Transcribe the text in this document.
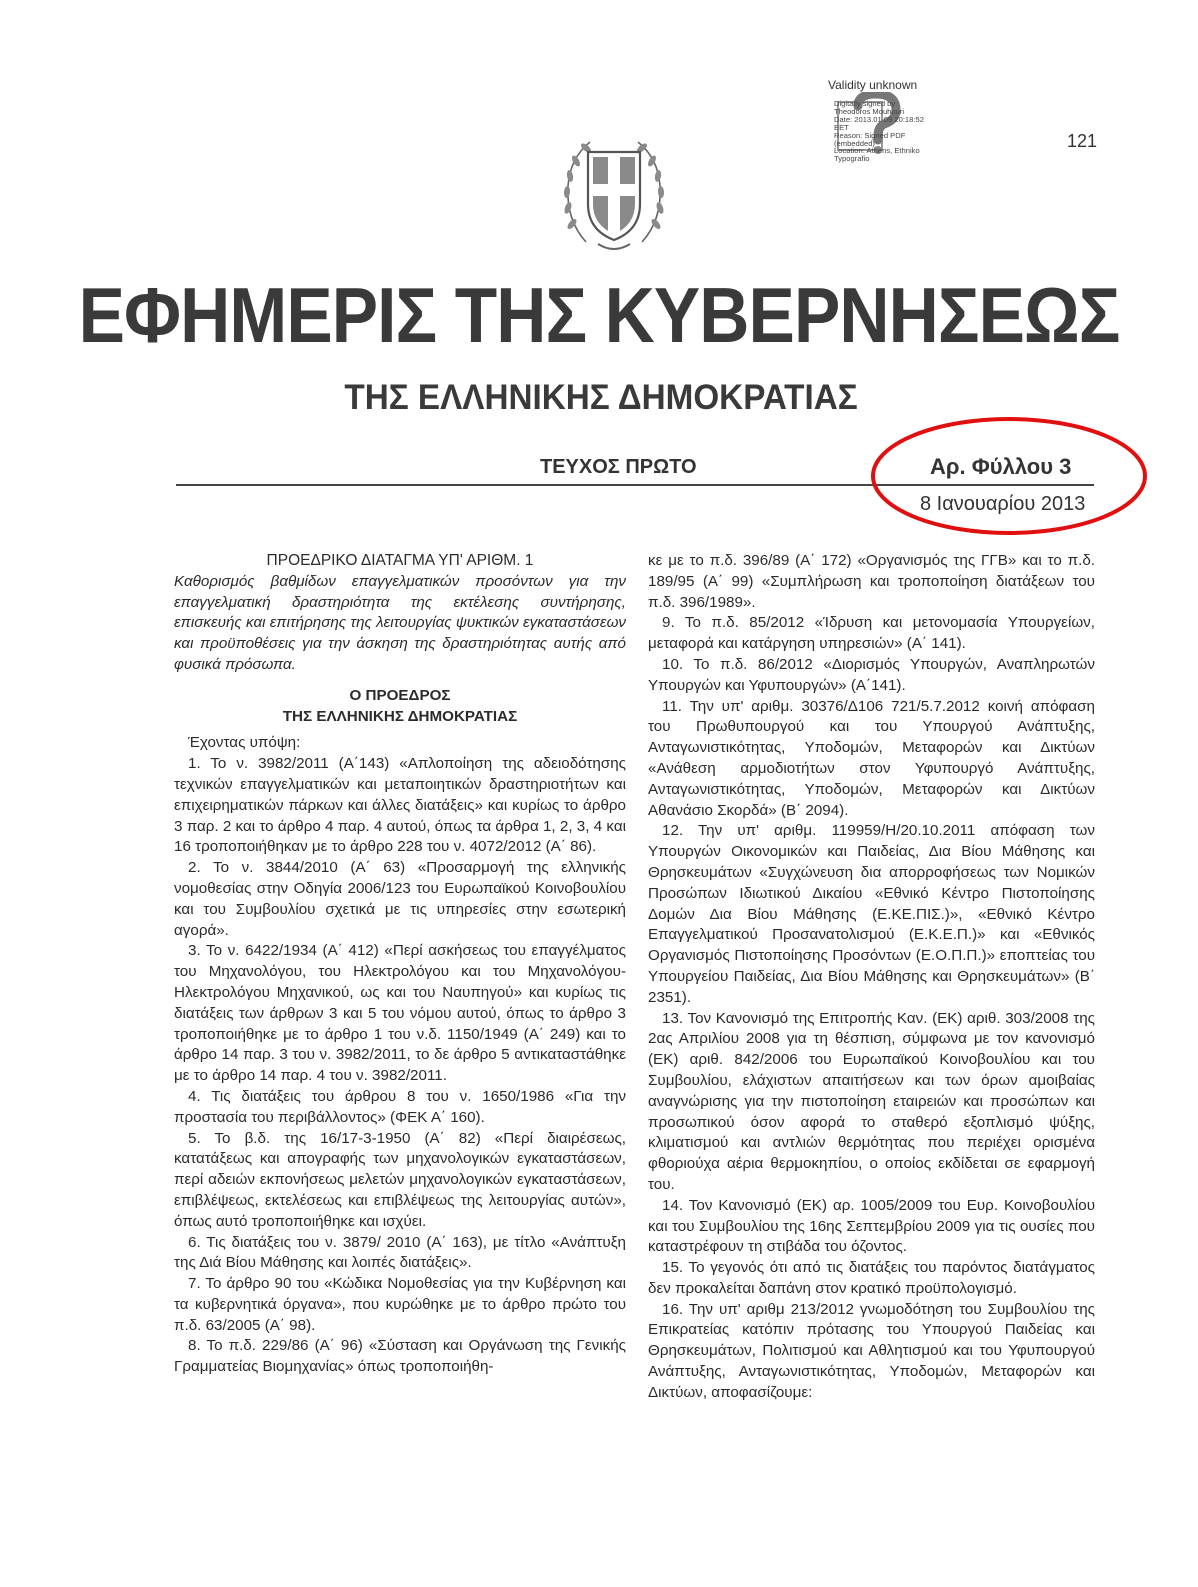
Validity unknown
Digitally signed by
Theodoros Mouhouri
Date: 2013.01.09 20:18:52
EET
Reason: Signed PDF
(embedded)
Location: Athens, Ethniko
Typografio
121
ΕΦΗΜΕΡΙΣ ΤΗΣ ΚΥΒΕΡΝΗΣΕΩΣ
ΤΗΣ ΕΛΛΗΝΙΚΗΣ ΔΗΜΟΚΡΑΤΙΑΣ
ΤΕΥΧΟΣ ΠΡΩΤΟ	Αρ. Φύλλου 3
8 Ιανουαρίου 2013

ΠΡΟΕΔΡΙΚΟ ΔΙΑΤΑΓΜΑ ΥΠ' ΑΡΙΘΜ. 1

Καθορισμός βαθμίδων επαγγελματικών προσόντων για την επαγγελματική δραστηριότητα της εκτέλεσης συντήρησης, επισκευής και επιτήρησης της λειτουργίας ψυκτικών εγκαταστάσεων και προϋποθέσεις για την άσκηση της δραστηριότητας αυτής από φυσικά πρόσωπα.

Ο ΠΡΟΕΔΡΟΣ

ΤΗΣ ΕΛΛΗΝΙΚΗΣ ΔΗΜΟΚΡΑΤΙΑΣ

Έχοντας υπόψη:

1. Το ν. 3982/2011 (Α΄143) «Απλοποίηση της αδειοδότησης τεχνικών επαγγελματικών και μεταποιητικών δραστηριοτήτων και επιχειρηματικών πάρκων και άλλες διατάξεις» και κυρίως το άρθρο 3 παρ. 2 και το άρθρο 4 παρ. 4 αυτού, όπως τα άρθρα 1, 2, 3, 4 και 16 τροποποιήθηκαν με το άρθρο 228 του ν. 4072/2012 (Α΄ 86).

2. Το ν. 3844/2010 (Α΄ 63) «Προσαρμογή της ελληνικής νομοθεσίας στην Οδηγία 2006/123 του Ευρωπαϊκού Κοινοβουλίου και του Συμβουλίου σχετικά με τις υπηρεσίες στην εσωτερική αγορά».

3. Το ν. 6422/1934 (Α΄ 412) «Περί ασκήσεως του επαγγέλματος του Μηχανολόγου, του Ηλεκτρολόγου και του Μηχανολόγου- Ηλεκτρολόγου Μηχανικού, ως και του Ναυπηγού» και κυρίως τις διατάξεις των άρθρων 3 και 5 του νόμου αυτού, όπως το άρθρο 3 τροποποιήθηκε με το άρθρο 1 του ν.δ. 1150/1949 (Α΄ 249) και το άρθρο 14 παρ. 3 του ν. 3982/2011, το δε άρθρο 5 αντικαταστάθηκε με το άρθρο 14 παρ. 4 του ν. 3982/2011.

4. Τις διατάξεις του άρθρου 8 του ν. 1650/1986 «Για την προστασία του περιβάλλοντος» (ΦΕΚ Α΄ 160).

5. Το β.δ. της 16/17-3-1950 (Α΄ 82) «Περί διαιρέσεως, κατατάξεως και απογραφής των μηχανολογικών εγκαταστάσεων, περί αδειών εκπονήσεως μελετών μηχανολογικών εγκαταστάσεων, επιβλέψεως, εκτελέσεως και επιβλέψεως της λειτουργίας αυτών», όπως αυτό τροποποιήθηκε και ισχύει.

6. Τις διατάξεις του ν. 3879/ 2010 (Α΄ 163), με τίτλο «Ανάπτυξη της Διά Βίου Μάθησης και λοιπές διατάξεις».

7. Το άρθρο 90 του «Κώδικα Νομοθεσίας για την Κυβέρνηση και τα κυβερνητικά όργανα», που κυρώθηκε με το άρθρο πρώτο του π.δ. 63/2005 (Α΄ 98).

8. Το π.δ. 229/86 (Α΄ 96) «Σύσταση και Οργάνωση της Γενικής Γραμματείας Βιομηχανίας» όπως τροποποιήθη-

κε με το π.δ. 396/89 (Α΄ 172) «Οργανισμός της ΓΓΒ» και το π.δ. 189/95 (Α΄ 99) «Συμπλήρωση και τροποποίηση διατάξεων του π.δ. 396/1989».

9. Το π.δ. 85/2012 «Ίδρυση και μετονομασία Υπουργείων, μεταφορά και κατάργηση υπηρεσιών» (Α΄ 141).

10. Το π.δ. 86/2012 «Διορισμός Υπουργών, Αναπληρωτών Υπουργών και Υφυπουργών» (Α΄141).

11. Την υπ' αριθμ. 30376/Δ106 721/5.7.2012 κοινή απόφαση του Πρωθυπουργού και του Υπουργού Ανάπτυξης, Ανταγωνιστικότητας, Υποδομών, Μεταφορών και Δικτύων «Ανάθεση αρμοδιοτήτων στον Υφυπουργό Ανάπτυξης, Ανταγωνιστικότητας, Υποδομών, Μεταφορών και Δικτύων Αθανάσιο Σκορδά» (Β΄ 2094).

12. Την υπ' αριθμ. 119959/Η/20.10.2011 απόφαση των Υπουργών Οικονομικών και Παιδείας, Δια Βίου Μάθησης και Θρησκευμάτων «Συγχώνευση δια απορροφήσεως των Νομικών Προσώπων Ιδιωτικού Δικαίου «Εθνικό Κέντρο Πιστοποίησης Δομών Δια Βίου Μάθησης (Ε.ΚΕ.ΠΙΣ.)», «Εθνικό Κέντρο Επαγγελματικού Προσανατολισμού (Ε.Κ.Ε.Π.)» και «Εθνικός Οργανισμός Πιστοποίησης Προσόντων (Ε.Ο.Π.Π.)» εποπτείας του Υπουργείου Παιδείας, Δια Βίου Μάθησης και Θρησκευμάτων» (Β΄ 2351).

13. Τον Κανονισμό της Επιτροπής Καν. (ΕΚ) αριθ. 303/2008 της 2ας Απριλίου 2008 για τη θέσπιση, σύμφωνα με τον κανονισμό (ΕΚ) αριθ. 842/2006 του Ευρωπαϊκού Κοινοβουλίου και του Συμβουλίου, ελάχιστων απαιτήσεων και των όρων αμοιβαίας αναγνώρισης για την πιστοποίηση εταιρειών και προσώπων και προσωπικού όσον αφορά το σταθερό εξοπλισμό ψύξης, κλιματισμού και αντλιών θερμότητας που περιέχει ορισμένα φθοριούχα αέρια θερμοκηπίου, ο οποίος εκδίδεται σε εφαρμογή του.

14. Τον Κανονισμό (ΕΚ) αρ. 1005/2009 του Ευρ. Κοινοβουλίου και του Συμβουλίου της 16ης Σεπτεμβρίου 2009 για τις ουσίες που καταστρέφουν τη στιβάδα του όζοντος.

15. Το γεγονός ότι από τις διατάξεις του παρόντος διατάγματος δεν προκαλείται δαπάνη στον κρατικό προϋπολογισμό.

16. Την υπ' αριθμ 213/2012 γνωμοδότηση του Συμβουλίου της Επικρατείας κατόπιν πρότασης του Υπουργού Παιδείας και Θρησκευμάτων, Πολιτισμού και Αθλητισμού και του Υφυπουργού Ανάπτυξης, Ανταγωνιστικότητας, Υποδομών, Μεταφορών και Δικτύων, αποφασίζουμε:
